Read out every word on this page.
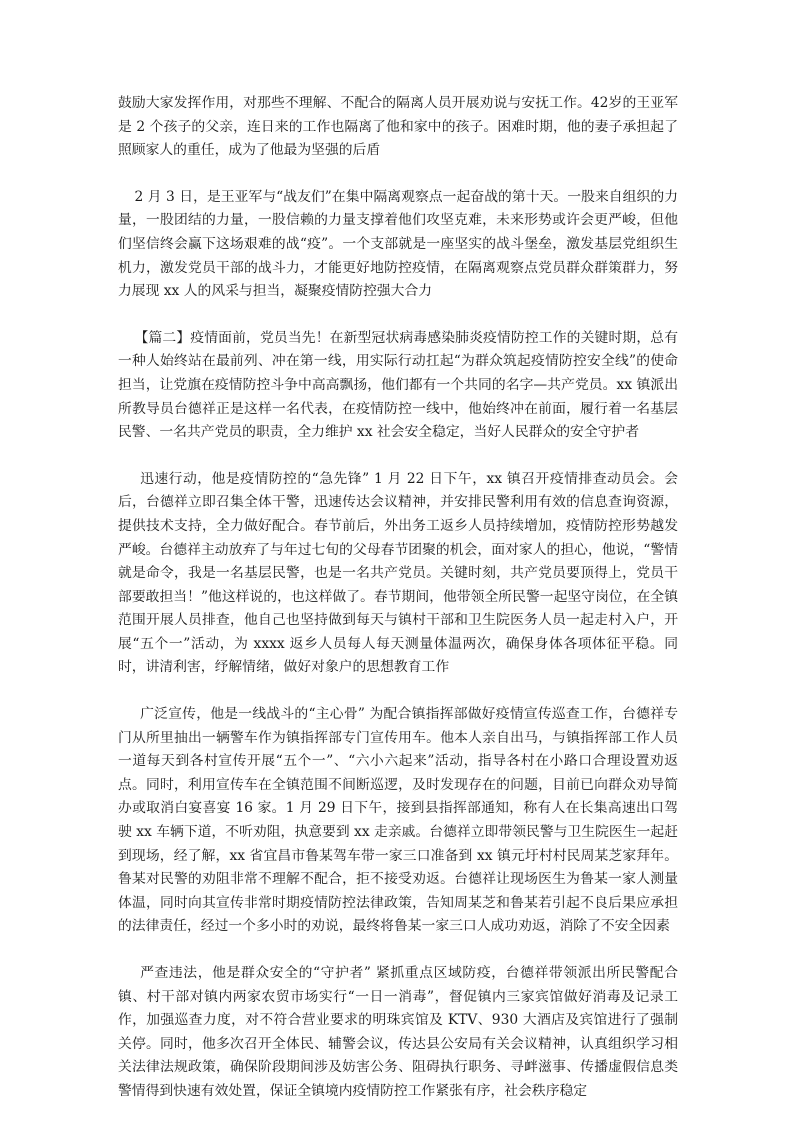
鼓励大家发挥作用，对那些不理解、不配合的隔离人员开展劝说与安抚工作。42岁的王亚军是 2 个孩子的父亲，连日来的工作也隔离了他和家中的孩子。困难时期，他的妻子承担起了照顾家人的重任，成为了他最为坚强的后盾

2 月 3 日，是王亚军与“战友们”在集中隔离观察点一起奋战的第十天。一股来自组织的力量，一股团结的力量，一股信赖的力量支撑着他们攻坚克难，未来形势或许会更严峻，但他们坚信终会赢下这场艰难的战“疫”。一个支部就是一座坚实的战斗堡垒，激发基层党组织生机力，激发党员干部的战斗力，才能更好地防控疫情，在隔离观察点党员群众群策群力，努力展现 xx 人的风采与担当，凝聚疫情防控强大合力

【篇二】疫情面前，党员当先！在新型冠状病毒感染肺炎疫情防控工作的关键时期，总有一种人始终站在最前列、冲在第一线，用实际行动扛起“为群众筑起疫情防控安全线”的使命担当，让党旗在疫情防控斗争中高高飘扬，他们都有一个共同的名字—共产党员。xx 镇派出所教导员台德祥正是这样一名代表，在疫情防控一线中，他始终冲在前面，履行着一名基层民警、一名共产党员的职责，全力维护 xx 社会安全稳定，当好人民群众的安全守护者

迅速行动，他是疫情防控的“急先锋” 1 月 22 日下午，xx 镇召开疫情排查动员会。会后，台德祥立即召集全体干警，迅速传达会议精神，并安排民警利用有效的信息查询资源，提供技术支持，全力做好配合。春节前后，外出务工返乡人员持续增加，疫情防控形势越发严峻。台德祥主动放弃了与年过七旬的父母春节团聚的机会，面对家人的担心，他说，“警情就是命令，我是一名基层民警，也是一名共产党员。关键时刻，共产党员要顶得上，党员干部要敢担当！”他这样说的，也这样做了。春节期间，他带领全所民警一起坚守岗位，在全镇范围开展人员排查，他自己也坚持做到每天与镇村干部和卫生院医务人员一起走村入户，开展“五个一”活动，为 xxxx 返乡人员每人每天测量体温两次，确保身体各项体征平稳。同时，讲清利害，纾解情绪，做好对象户的思想教育工作

广泛宣传，他是一线战斗的“主心骨” 为配合镇指挥部做好疫情宣传巡查工作，台德祥专门从所里抽出一辆警车作为镇指挥部专门宣传用车。他本人亲自出马，与镇指挥部工作人员一道每天到各村宣传开展“五个一”、“六小六起来”活动，指导各村在小路口合理设置劝返点。同时，利用宣传车在全镇范围不间断巡逻，及时发现存在的问题，目前已向群众劝导简办或取消白宴喜宴 16 家。1 月 29 日下午，接到县指挥部通知，称有人在长集高速出口驾驶 xx 车辆下道，不听劝阻，执意要到 xx 走亲戚。台德祥立即带领民警与卫生院医生一起赶到现场，经了解，xx 省宜昌市鲁某驾车带一家三口准备到 xx 镇元圩村村民周某芝家拜年。鲁某对民警的劝阻非常不理解不配合，拒不接受劝返。台德祥让现场医生为鲁某一家人测量体温，同时向其宣传非常时期疫情防控法律政策，告知周某芝和鲁某若引起不良后果应承担的法律责任，经过一个多小时的劝说，最终将鲁某一家三口人成功劝返，消除了不安全因素

严查违法，他是群众安全的“守护者” 紧抓重点区域防疫，台德祥带领派出所民警配合镇、村干部对镇内两家农贸市场实行“一日一消毒”，督促镇内三家宾馆做好消毒及记录工作，加强巡查力度，对不符合营业要求的明珠宾馆及 KTV、930 大酒店及宾馆进行了强制关停。同时，他多次召开全体民、辅警会议，传达县公安局有关会议精神，认真组织学习相关法律法规政策，确保阶段期间涉及妨害公务、阻碍执行职务、寻衅滋事、传播虚假信息类警情得到快速有效处置，保证全镇境内疫情防控工作紧张有序，社会秩序稳定
